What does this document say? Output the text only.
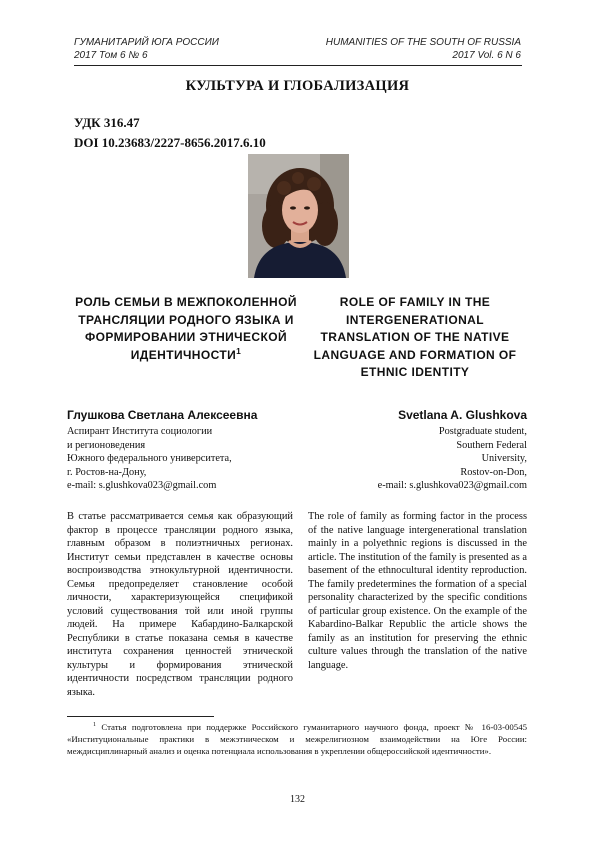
ГУМАНИТАРИЙ ЮГА РОССИИ
2017 Том 6 № 6
HUMANITIES OF THE SOUTH OF RUSSIA
2017 Vol. 6 N 6
КУЛЬТУРА И ГЛОБАЛИЗАЦИЯ
УДК 316.47
DOI 10.23683/2227-8656.2017.6.10

РОЛЬ СЕМЬИ В МЕЖПОКОЛЕННОЙ ТРАНСЛЯЦИИ РОДНОГО ЯЗЫКА И ФОРМИРОВАНИИ ЭТНИЧЕСКОЙ ИДЕНТИЧНОСТИ$^1$

ROLE OF FAMILY IN THE INTERGENERATIONAL TRANSLATION OF THE NATIVE LANGUAGE AND FORMATION OF ETHNIC IDENTITY

Глушкова Светлана Алексеевна	Svetlana A. Glushkova
Аспирант Института социологии
и регионоведения
Южного федерального университета,
г. Ростов-на-Дону,
e-mail: s.glushkova023@gmail.com
Postgraduate student,
Southern Federal
University,
Rostov-on-Don,
e-mail: s.glushkova023@gmail.com

В статье рассматривается семья как образующий фактор в процессе трансляции родного языка, главным образом в полиэтничных регионах. Институт семьи представлен в качестве основы воспроизводства этнокультурной идентичности. Семья предопределяет становление особой личности, характеризующейся спецификой условий существования той или иной группы людей. На примере Кабардино-Балкарской Республики в статье показана семья в качестве института сохранения ценностей этнической культуры и формирования этнической идентичности посредством трансляции родного языка.

The role of family as forming factor in the process of the native language intergenerational translation mainly in a polyethnic regions is discussed in the article. The institution of the family is presented as a basement of the ethnocultural identity reproduction. The family predetermines the formation of a special personality characterized by the specific conditions of particular group existence. On the example of the Kabardino-Balkar Republic the article shows the family as an institution for preserving the ethnic culture values through the translation of the native language.

$^1$ Статья подготовлена при поддержке Российского гуманитарного научного фонда, проект № 16-03-00545 «Институциональные практики в межэтническом и межрелигиозном взаимодействии на Юге России: междисциплинарный анализ и оценка потенциала использования в укреплении общероссийской идентичности».

132
